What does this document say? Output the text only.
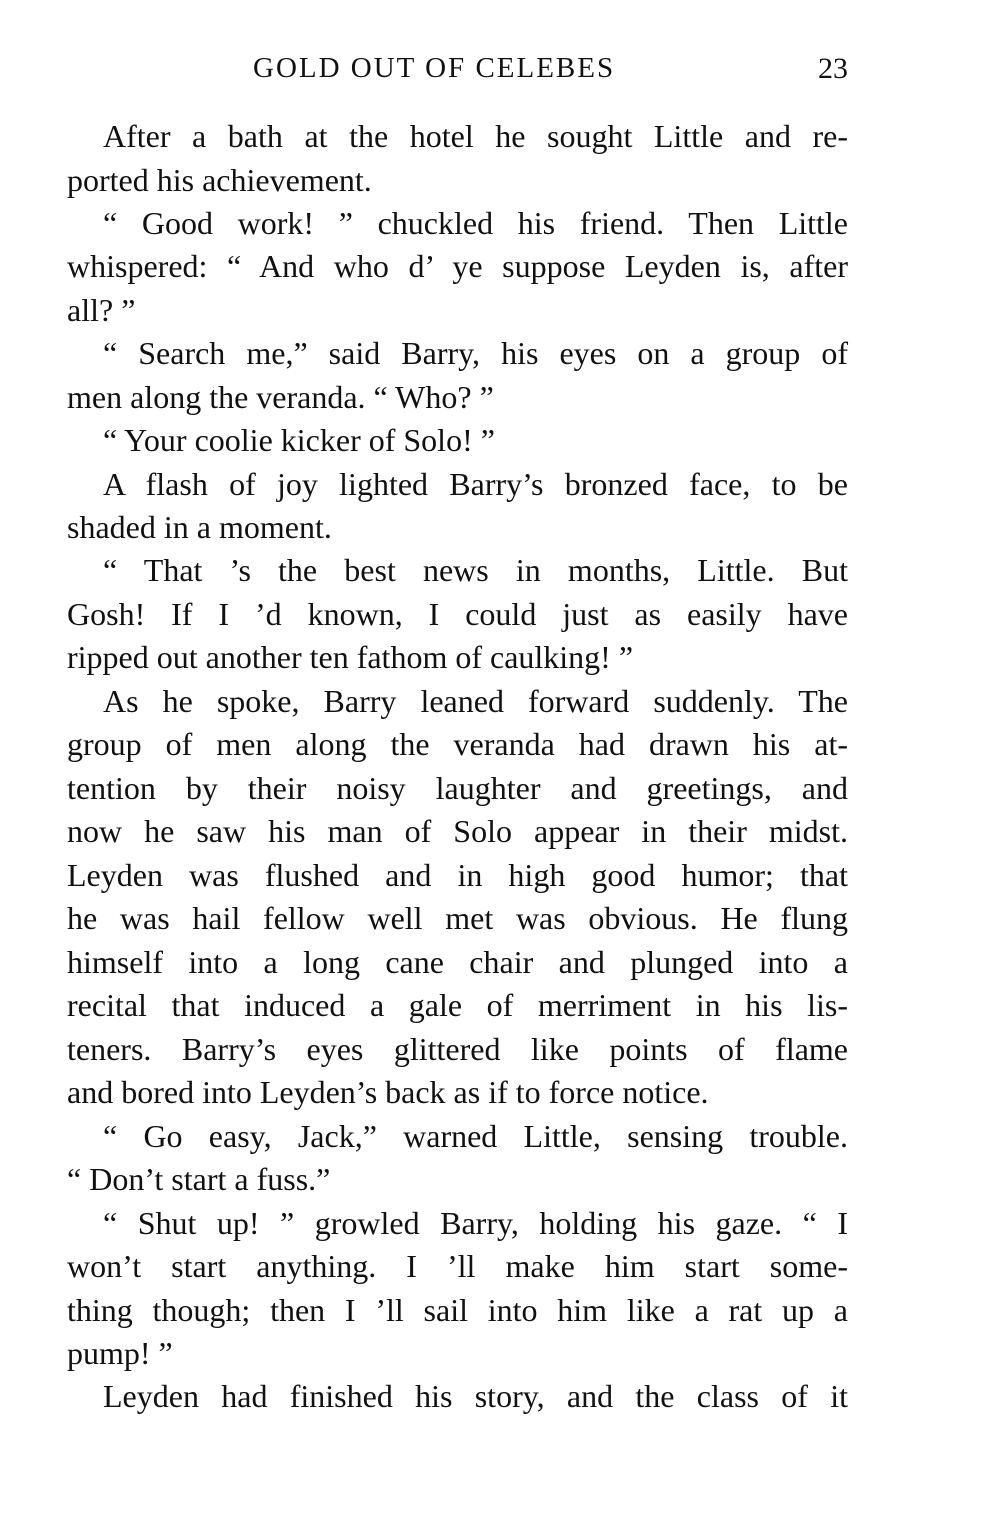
GOLD OUT OF CELEBES	23
After a bath at the hotel he sought Little and re-
ported his achievement.
“ Good work! ” chuckled his friend. Then Little
whispered: “ And who d’ ye suppose Leyden is, after
all? ”
“ Search me,” said Barry, his eyes on a group of
men along the veranda. “ Who? ”
“ Your coolie kicker of Solo! ”
A flash of joy lighted Barry’s bronzed face, to be
shaded in a moment.
“ That ’s the best news in months, Little. But
Gosh! If I ’d known, I could just as easily have
ripped out another ten fathom of caulking! ”
As he spoke, Barry leaned forward suddenly. The
group of men along the veranda had drawn his at-
tention by their noisy laughter and greetings, and
now he saw his man of Solo appear in their midst.
Leyden was flushed and in high good humor; that
he was hail fellow well met was obvious. He flung
himself into a long cane chair and plunged into a
recital that induced a gale of merriment in his lis-
teners. Barry’s eyes glittered like points of flame
and bored into Leyden’s back as if to force notice.
“ Go easy, Jack,” warned Little, sensing trouble.
“ Don’t start a fuss.”
“ Shut up! ” growled Barry, holding his gaze. “ I
won’t start anything. I ’ll make him start some-
thing though; then I ’ll sail into him like a rat up a
pump! ”
Leyden had finished his story, and the class of it
